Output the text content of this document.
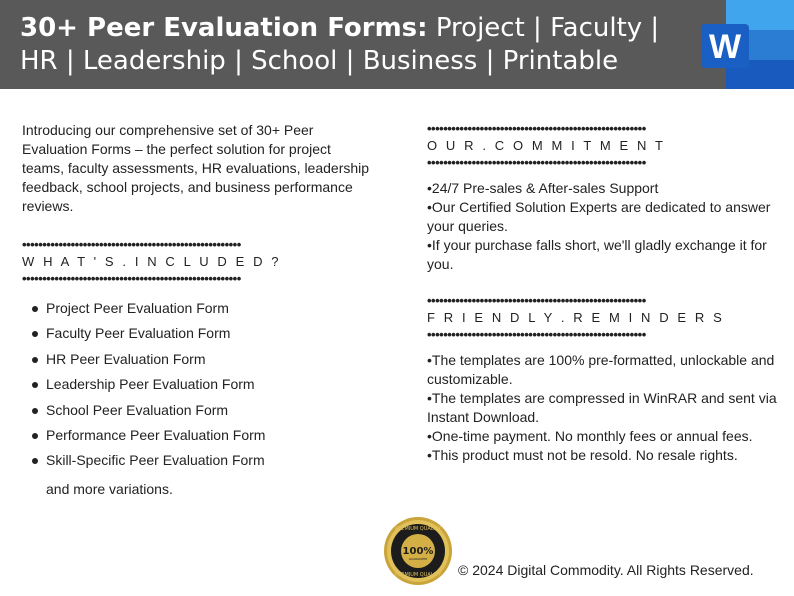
30+ Peer Evaluation Forms: Project | Faculty | HR | Leadership | School | Business | Printable	W
Introducing our comprehensive set of 30+ Peer Evaluation Forms – the perfect solution for project teams, faculty assessments, HR evaluations, leadership feedback, school projects, and business performance reviews.
••••••••••••••••••••••••••••••••••••••••••••••••••••••
W H A T ' S . I N C L U D E D ?
••••••••••••••••••••••••••••••••••••••••••••••••••••••
Project Peer Evaluation Form
Faculty Peer Evaluation Form
HR Peer Evaluation Form
Leadership Peer Evaluation Form
School Peer Evaluation Form
Performance Peer Evaluation Form
Skill-Specific Peer Evaluation Form
and more variations.
••••••••••••••••••••••••••••••••••••••••••••••••••••••
O U R . C O M M I T M E N T
••••••••••••••••••••••••••••••••••••••••••••••••••••••

•24/7 Pre-sales & After-sales Support

•Our Certified Solution Experts are dedicated to answer your queries.

•If your purchase falls short, we'll gladly exchange it for you.

••••••••••••••••••••••••••••••••••••••••••••••••••••••
F R I E N D L Y . R E M I N D E R S
••••••••••••••••••••••••••••••••••••••••••••••••••••••

•The templates are 100% pre-formatted, unlockable and customizable.

•The templates are compressed in WinRAR and sent via Instant Download.

•One-time payment. No monthly fees or annual fees.

•This product must not be resold. No resale rights.

PREMIUM QUALITY
100%
GUARANTEE
PREMIUM QUALITY © 2024 Digital Commodity. All Rights Reserved.
